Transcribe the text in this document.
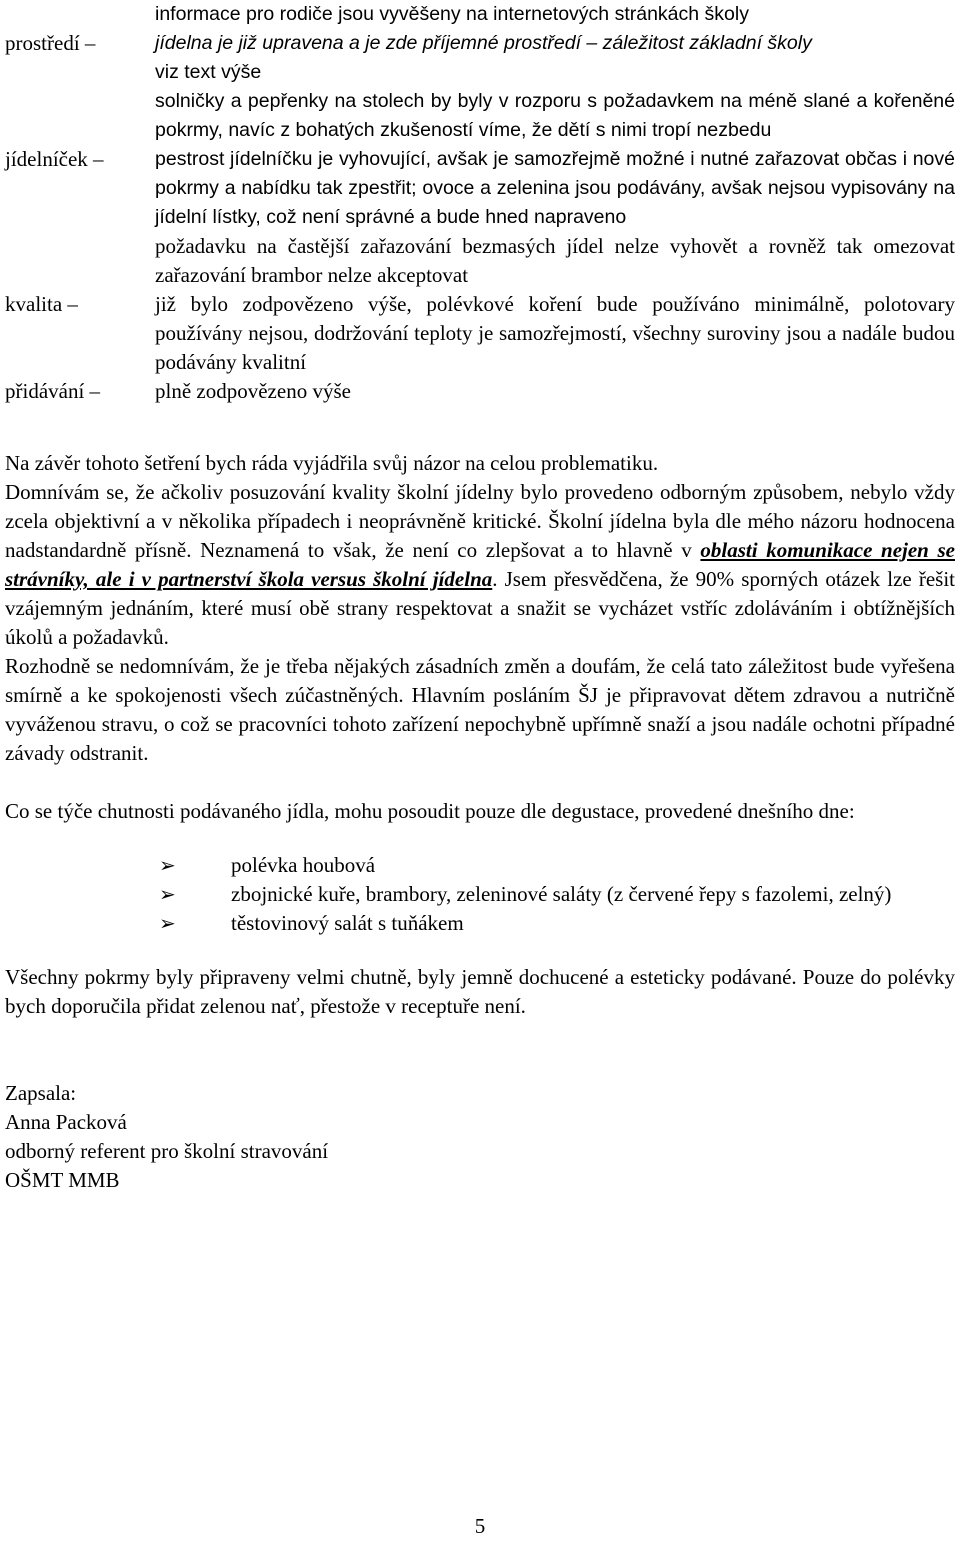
informace pro rodiče jsou vyvěšeny na internetových stránkách školy

prostředí –	jídelna je již upravena a je zde příjemné prostředí – záležitost základní školy

viz text výše

solničky a pepřenky na stolech by byly v rozporu s požadavkem na méně slané a kořeněné pokrmy, navíc z bohatých zkušeností víme, že dětí s nimi tropí nezbedu

jídelníček –	pestrost jídelníčku je vyhovující, avšak je samozřejmě možné i nutné zařazovat občas i nové pokrmy a nabídku tak zpestřit; ovoce a zelenina jsou podávány, avšak nejsou vypisovány na jídelní lístky, což není správné a bude hned napraveno

požadavku na častější zařazování bezmasých jídel nelze vyhovět a rovněž tak omezovat zařazování brambor nelze akceptovat

kvalita –	již bylo zodpovězeno výše, polévkové koření bude používáno minimálně, polotovary používány nejsou, dodržování teploty je samozřejmostí, všechny suroviny jsou a nadále budou podávány kvalitní

přidávání –	plně zodpovězeno výše

Na závěr tohoto šetření bych ráda vyjádřila svůj názor na celou problematiku.

Domnívám se, že ačkoliv posuzování kvality školní jídelny bylo provedeno odborným způsobem, nebylo vždy zcela objektivní a v několika případech i neoprávněně kritické. Školní jídelna byla dle mého názoru hodnocena nadstandardně přísně. Neznamená to však, že není co zlepšovat a to hlavně v oblasti komunikace nejen se strávníky, ale i v partnerství škola versus školní jídelna. Jsem přesvědčena, že 90% sporných otázek lze řešit vzájemným jednáním, které musí obě strany respektovat a snažit se vycházet vstříc zdoláváním i obtížnějších úkolů a požadavků.

Rozhodně se nedomnívám, že je třeba nějakých zásadních změn a doufám, že celá tato záležitost bude vyřešena smírně a ke spokojenosti všech zúčastněných. Hlavním posláním ŠJ je připravovat dětem zdravou a nutričně vyváženou stravu, o což se pracovníci tohoto zařízení nepochybně upřímně snaží a jsou nadále ochotni případné závady odstranit.

Co se týče chutnosti podávaného jídla, mohu posoudit pouze dle degustace, provedené dnešního dne:

➢	polévka houbová
➢	zbojnické kuře, brambory, zeleninové saláty (z červené řepy s fazolemi, zelný)
➢	těstovinový salát s tuňákem

Všechny pokrmy byly připraveny velmi chutně, byly jemně dochucené a esteticky podávané. Pouze do polévky bych doporučila přidat zelenou nať, přestože v receptuře není.

Zapsala:
Anna Packová
odborný referent pro školní stravování
OŠMT MMB
5
